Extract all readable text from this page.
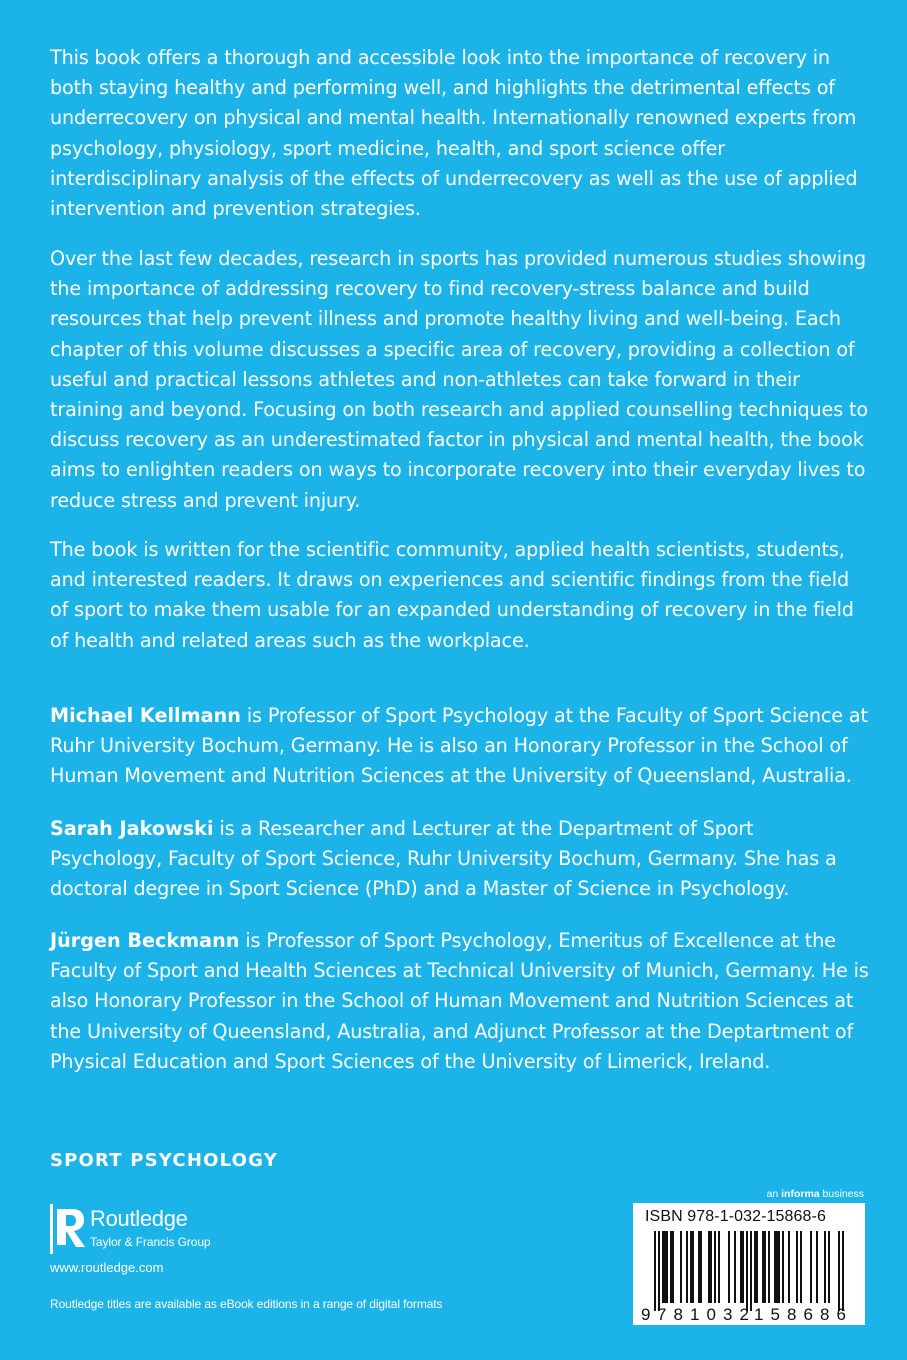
This book offers a thorough and accessible look into the importance of recovery in both staying healthy and performing well, and highlights the detrimental effects of underrecovery on physical and mental health. Internationally renowned experts from psychology, physiology, sport medicine, health, and sport science offer interdisciplinary analysis of the effects of underrecovery as well as the use of applied intervention and prevention strategies.

Over the last few decades, research in sports has provided numerous studies showing the importance of addressing recovery to find recovery-stress balance and build resources that help prevent illness and promote healthy living and well-being. Each chapter of this volume discusses a specific area of recovery, providing a collection of useful and practical lessons athletes and non-athletes can take forward in their training and beyond. Focusing on both research and applied counselling techniques to discuss recovery as an underestimated factor in physical and mental health, the book aims to enlighten readers on ways to incorporate recovery into their everyday lives to reduce stress and prevent injury.

The book is written for the scientific community, applied health scientists, students, and interested readers. It draws on experiences and scientific findings from the field of sport to make them usable for an expanded understanding of recovery in the field of health and related areas such as the workplace.

Michael Kellmann is Professor of Sport Psychology at the Faculty of Sport Science at Ruhr University Bochum, Germany. He is also an Honorary Professor in the School of Human Movement and Nutrition Sciences at the University of Queensland, Australia.

Sarah Jakowski is a Researcher and Lecturer at the Department of Sport Psychology, Faculty of Sport Science, Ruhr University Bochum, Germany. She has a doctoral degree in Sport Science (PhD) and a Master of Science in Psychology.

Jürgen Beckmann is Professor of Sport Psychology, Emeritus of Excellence at the Faculty of Sport and Health Sciences at Technical University of Munich, Germany. He is also Honorary Professor in the School of Human Movement and Nutrition Sciences at the University of Queensland, Australia, and Adjunct Professor at the Deptartment of Physical Education and Sport Sciences of the University of Limerick, Ireland.

SPORT PSYCHOLOGY

Routledge
Taylor & Francis Group
www.routledge.com
Routledge titles are available as eBook editions in a range of digital formats
an informa business
9 781032 158686
ISBN 978-1-032-15868-6
